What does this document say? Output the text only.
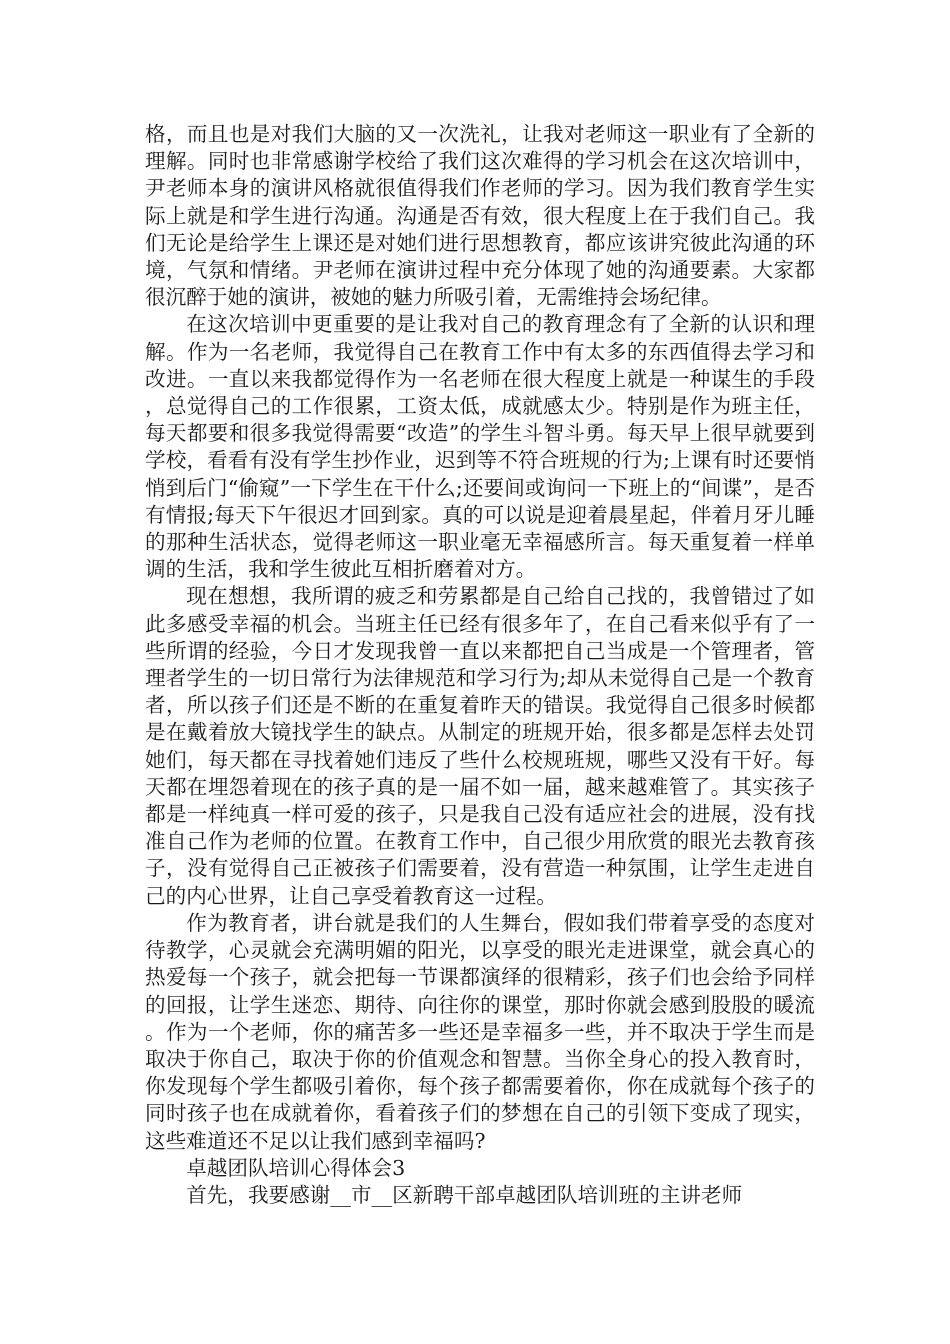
格，而且也是对我们大脑的又一次洗礼，让我对老师这一职业有了全新的理解。同时也非常感谢学校给了我们这次难得的学习机会在这次培训中，尹老师本身的演讲风格就很值得我们作老师的学习。因为我们教育学生实际上就是和学生进行沟通。沟通是否有效，很大程度上在于我们自己。我们无论是给学生上课还是对她们进行思想教育，都应该讲究彼此沟通的环境，气氛和情绪。尹老师在演讲过程中充分体现了她的沟通要素。大家都很沉醉于她的演讲，被她的魅力所吸引着，无需维持会场纪律。

在这次培训中更重要的是让我对自己的教育理念有了全新的认识和理解。作为一名老师，我觉得自己在教育工作中有太多的东西值得去学习和改进。一直以来我都觉得作为一名老师在很大程度上就是一种谋生的手段，总觉得自己的工作很累，工资太低，成就感太少。特别是作为班主任，每天都要和很多我觉得需要“改造”的学生斗智斗勇。每天早上很早就要到学校，看看有没有学生抄作业，迟到等不符合班规的行为;上课有时还要悄悄到后门“偷窥”一下学生在干什么;还要间或询问一下班上的“间谍”，是否有情报;每天下午很迟才回到家。真的可以说是迎着晨星起，伴着月牙儿睡的那种生活状态，觉得老师这一职业毫无幸福感所言。每天重复着一样单调的生活，我和学生彼此互相折磨着对方。

现在想想，我所谓的疲乏和劳累都是自己给自己找的，我曾错过了如此多感受幸福的机会。当班主任已经有很多年了，在自己看来似乎有了一些所谓的经验，今日才发现我曾一直以来都把自己当成是一个管理者，管理者学生的一切日常行为法律规范和学习行为;却从未觉得自己是一个教育者，所以孩子们还是不断的在重复着昨天的错误。我觉得自己很多时候都是在戴着放大镜找学生的缺点。从制定的班规开始，很多都是怎样去处罚她们，每天都在寻找着她们违反了些什么校规班规，哪些又没有干好。每天都在埋怨着现在的孩子真的是一届不如一届，越来越难管了。其实孩子都是一样纯真一样可爱的孩子，只是我自己没有适应社会的进展，没有找准自己作为老师的位置。在教育工作中，自己很少用欣赏的眼光去教育孩子，没有觉得自己正被孩子们需要着，没有营造一种氛围，让学生走进自己的内心世界，让自己享受着教育这一过程。

作为教育者，讲台就是我们的人生舞台，假如我们带着享受的态度对待教学，心灵就会充满明媚的阳光，以享受的眼光走进课堂，就会真心的热爱每一个孩子，就会把每一节课都演绎的很精彩，孩子们也会给予同样的回报，让学生迷恋、期待、向往你的课堂，那时你就会感到股股的暖流。作为一个老师，你的痛苦多一些还是幸福多一些，并不取决于学生而是取决于你自己，取决于你的价值观念和智慧。当你全身心的投入教育时，你发现每个学生都吸引着你，每个孩子都需要着你，你在成就每个孩子的同时孩子也在成就着你，看着孩子们的梦想在自己的引领下变成了现实，这些难道还不足以让我们感到幸福吗?

卓越团队培训心得体会3

首先，我要感谢__市__区新聘干部卓越团队培训班的主讲老师
